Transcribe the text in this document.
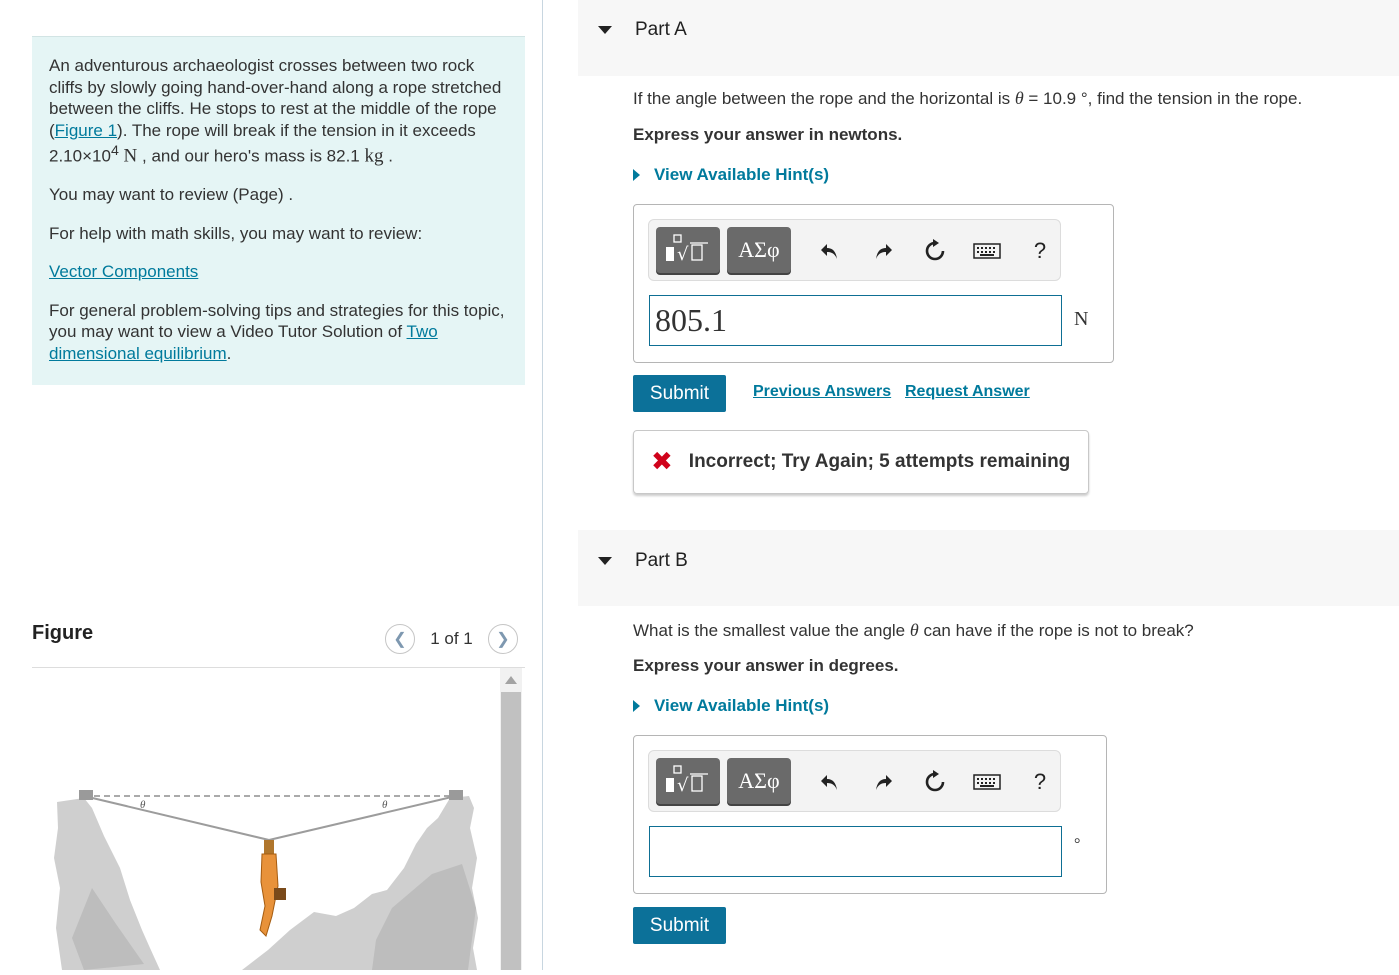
An adventurous archaeologist crosses between two rock cliffs by slowly going hand-over-hand along a rope stretched between the cliffs. He stops to rest at the middle of the rope (Figure 1). The rope will break if the tension in it exceeds $2.10\times 10^4$ N , and our hero's mass is 82.1 kg .

You may want to review (Page) .

For help with math skills, you may want to review:

Vector Components

For general problem-solving tips and strategies for this topic, you may want to view a Video Tutor Solution of Two dimensional equilibrium.

Figure	❮	1 of 1	❯
θ	θ
Part A
If the angle between the rope and the horizontal is θ = 10.9 °, find the tension in the rope.
Express your answer in newtons.
View Available Hint(s)
√	ΑΣφ	?
805.1	N
Submit	Previous Answers Request Answer
✖ Incorrect; Try Again; 5 attempts remaining
Part B
What is the smallest value the angle θ can have if the rope is not to break?
Express your answer in degrees.
View Available Hint(s)
√	ΑΣφ	?
°
Submit
